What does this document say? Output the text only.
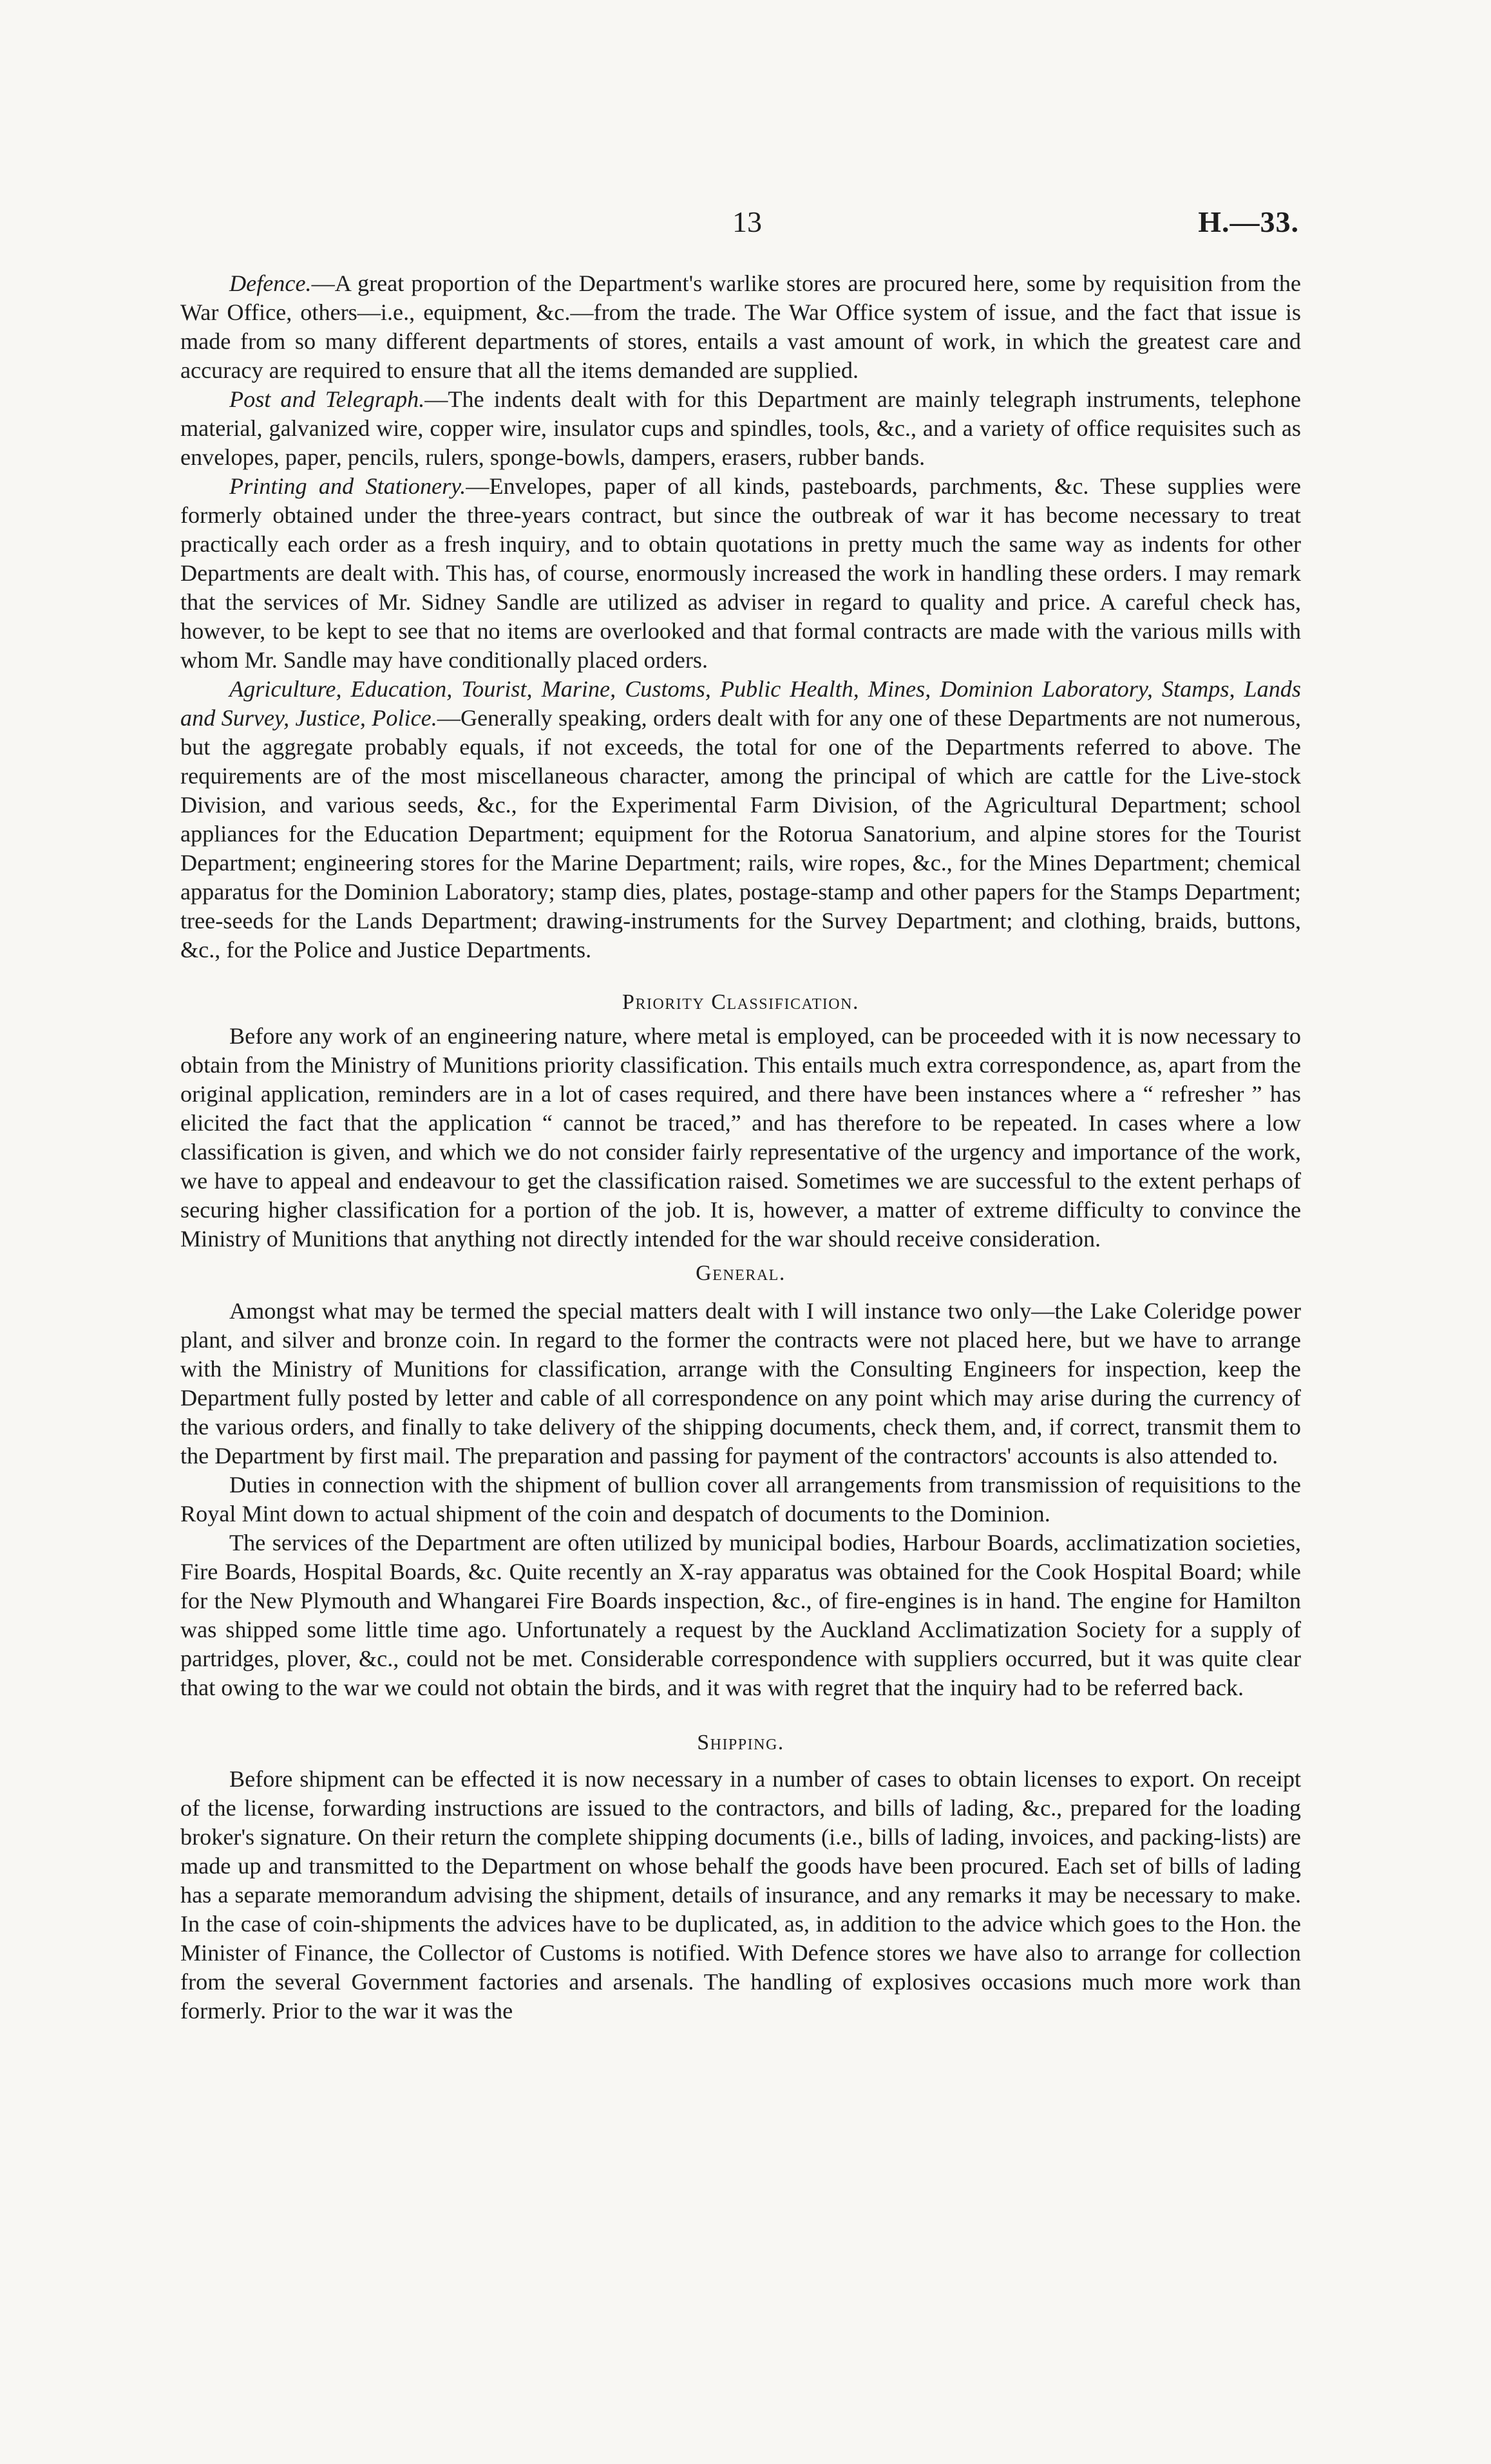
13	H.—33.

Defence.—A great proportion of the Department's warlike stores are procured here, some by requisition from the War Office, others—i.e., equipment, &c.—from the trade. The War Office system of issue, and the fact that issue is made from so many different departments of stores, entails a vast amount of work, in which the greatest care and accuracy are required to ensure that all the items demanded are supplied.

Post and Telegraph.—The indents dealt with for this Department are mainly telegraph instruments, telephone material, galvanized wire, copper wire, insulator cups and spindles, tools, &c., and a variety of office requisites such as envelopes, paper, pencils, rulers, sponge-bowls, dampers, erasers, rubber bands.

Printing and Stationery.—Envelopes, paper of all kinds, pasteboards, parchments, &c. These supplies were formerly obtained under the three-years contract, but since the outbreak of war it has become necessary to treat practically each order as a fresh inquiry, and to obtain quotations in pretty much the same way as indents for other Departments are dealt with. This has, of course, enormously increased the work in handling these orders. I may remark that the services of Mr. Sidney Sandle are utilized as adviser in regard to quality and price. A careful check has, however, to be kept to see that no items are overlooked and that formal contracts are made with the various mills with whom Mr. Sandle may have conditionally placed orders.

Agriculture, Education, Tourist, Marine, Customs, Public Health, Mines, Dominion Laboratory, Stamps, Lands and Survey, Justice, Police.—Generally speaking, orders dealt with for any one of these Departments are not numerous, but the aggregate probably equals, if not exceeds, the total for one of the Departments referred to above. The requirements are of the most miscellaneous character, among the principal of which are cattle for the Live-stock Division, and various seeds, &c., for the Experimental Farm Division, of the Agricultural Department; school appliances for the Education Department; equipment for the Rotorua Sanatorium, and alpine stores for the Tourist Department; engineering stores for the Marine Department; rails, wire ropes, &c., for the Mines Department; chemical apparatus for the Dominion Laboratory; stamp dies, plates, postage-stamp and other papers for the Stamps Department; tree-seeds for the Lands Department; drawing-instruments for the Survey Department; and clothing, braids, buttons, &c., for the Police and Justice Departments.

Priority Classification.

Before any work of an engineering nature, where metal is employed, can be proceeded with it is now necessary to obtain from the Ministry of Munitions priority classification. This entails much extra correspondence, as, apart from the original application, reminders are in a lot of cases required, and there have been instances where a “ refresher ” has elicited the fact that the application “ cannot be traced,” and has therefore to be repeated. In cases where a low classification is given, and which we do not consider fairly representative of the urgency and importance of the work, we have to appeal and endeavour to get the classification raised. Sometimes we are successful to the extent perhaps of securing higher classification for a portion of the job. It is, however, a matter of extreme difficulty to convince the Ministry of Munitions that anything not directly intended for the war should receive consideration.

General.

Amongst what may be termed the special matters dealt with I will instance two only—the Lake Coleridge power plant, and silver and bronze coin. In regard to the former the contracts were not placed here, but we have to arrange with the Ministry of Munitions for classification, arrange with the Consulting Engineers for inspection, keep the Department fully posted by letter and cable of all correspondence on any point which may arise during the currency of the various orders, and finally to take delivery of the shipping documents, check them, and, if correct, transmit them to the Department by first mail. The preparation and passing for payment of the contractors' accounts is also attended to.

Duties in connection with the shipment of bullion cover all arrangements from transmission of requisitions to the Royal Mint down to actual shipment of the coin and despatch of documents to the Dominion.

The services of the Department are often utilized by municipal bodies, Harbour Boards, acclimatization societies, Fire Boards, Hospital Boards, &c. Quite recently an X-ray apparatus was obtained for the Cook Hospital Board; while for the New Plymouth and Whangarei Fire Boards inspection, &c., of fire-engines is in hand. The engine for Hamilton was shipped some little time ago. Unfortunately a request by the Auckland Acclimatization Society for a supply of partridges, plover, &c., could not be met. Considerable correspondence with suppliers occurred, but it was quite clear that owing to the war we could not obtain the birds, and it was with regret that the inquiry had to be referred back.

Shipping.

Before shipment can be effected it is now necessary in a number of cases to obtain licenses to export. On receipt of the license, forwarding instructions are issued to the contractors, and bills of lading, &c., prepared for the loading broker's signature. On their return the complete shipping documents (i.e., bills of lading, invoices, and packing-lists) are made up and transmitted to the Department on whose behalf the goods have been procured. Each set of bills of lading has a separate memorandum advising the shipment, details of insurance, and any remarks it may be necessary to make. In the case of coin-shipments the advices have to be duplicated, as, in addition to the advice which goes to the Hon. the Minister of Finance, the Collector of Customs is notified. With Defence stores we have also to arrange for collection from the several Government factories and arsenals. The handling of explosives occasions much more work than formerly. Prior to the war it was the
